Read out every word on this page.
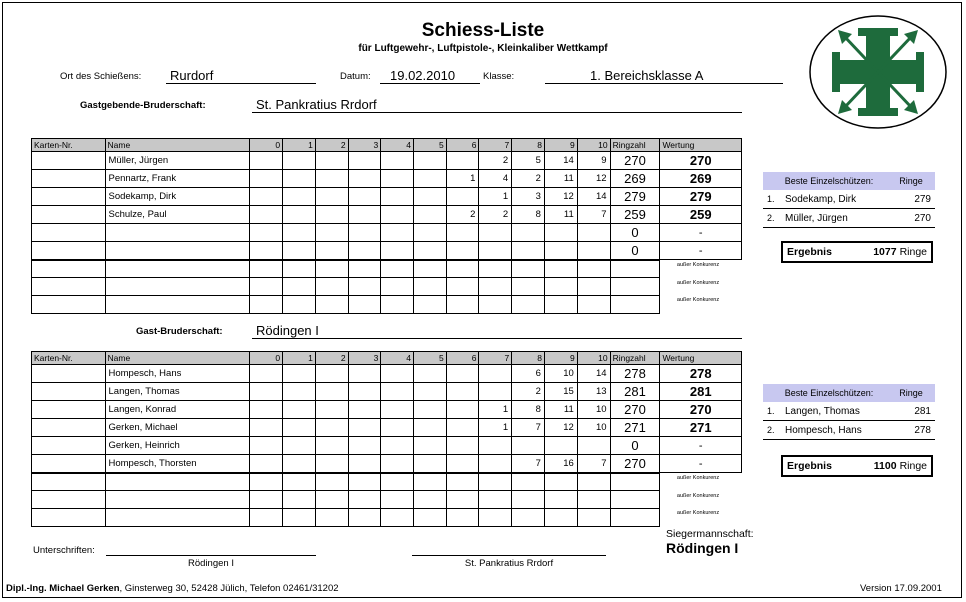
Schiess-Liste
für Luftgewehr-, Luftpistole-, Kleinkaliber Wettkampf
Ort des Schießens: Rurdorf	Datum: 19.02.2010	Klasse:	1. Bereichsklasse A
Gastgebende-Bruderschaft:	St. Pankratius Rrdorf
Karten-Nr.	Name	0	1	2	3	4	5	6	7	8	9	10	Ringzahl	Wertung
	Müller, Jürgen								2	5	14	9	270	270
	Pennartz, Frank							1	4	2	11	12	269	269
	Sodekamp, Dirk								1	3	12	14	279	279
	Schulze, Paul							2	2	8	11	7	259	259
													0	-
													0	-

außer Konkurenz
außer Konkurenz
außer Konkurenz
Beste Einzelschützen:	Ringe
1.	Sodekamp, Dirk	279
2.	Müller, Jürgen	270
Ergebnis	1077 Ringe
Gast-Bruderschaft:	Rödingen I
Karten-Nr.	Name	0	1	2	3	4	5	6	7	8	9	10	Ringzahl	Wertung
	Hompesch, Hans									6	10	14	278	278
	Langen, Thomas									2	15	13	281	281
	Langen, Konrad								1	8	11	10	270	270
	Gerken, Michael								1	7	12	10	271	271
	Gerken, Heinrich												0	-
	Hompesch, Thorsten									7	16	7	270	-

außer Konkurenz
außer Konkurenz
außer Konkurenz
Beste Einzelschützen:	Ringe
1.	Langen, Thomas	281
2.	Hompesch, Hans	278
Ergebnis	1100 Ringe
Siegermannschaft:
Rödingen I
Unterschriften:
Rödingen I	St. Pankratius Rrdorf
Dipl.-Ing. Michael Gerken, Ginsterweg 30, 52428 Jülich, Telefon 02461/31202	Version 17.09.2001
